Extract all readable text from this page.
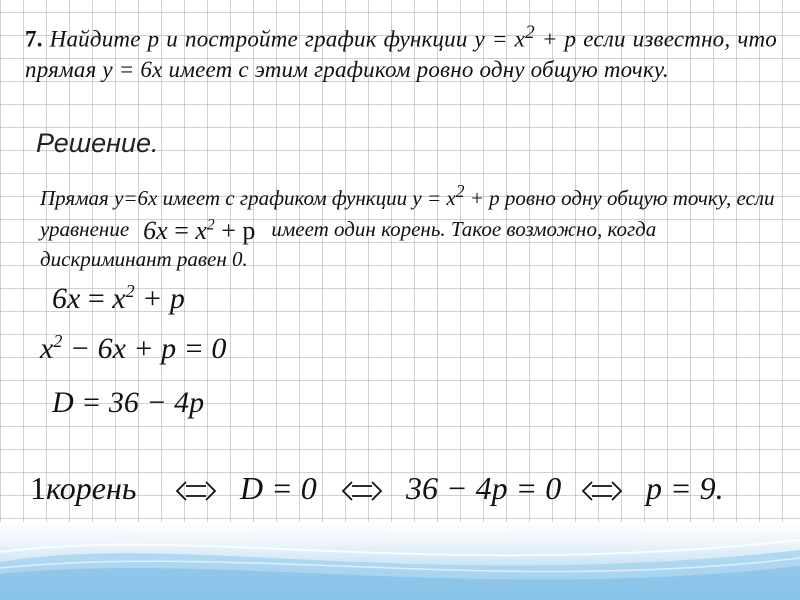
7. Найдите p и постройте график функции $y = x^2 + p$ если известно, что прямая y = 6x имеет с этим графиком ровно одну общую точку.
Решение.
Прямая y=6x имеет с графиком функции $y = x^2 + p$ ровно одну общую точку, если уравнение $6x = x^2 + p$ имеет один корень. Такое возможно, когда дискриминант равен 0.
$6x = x^2 + p$
$x^2 - 6x + p = 0$
D = 36 − 4p
1корень	D = 0	36 − 4p = 0	p = 9.
